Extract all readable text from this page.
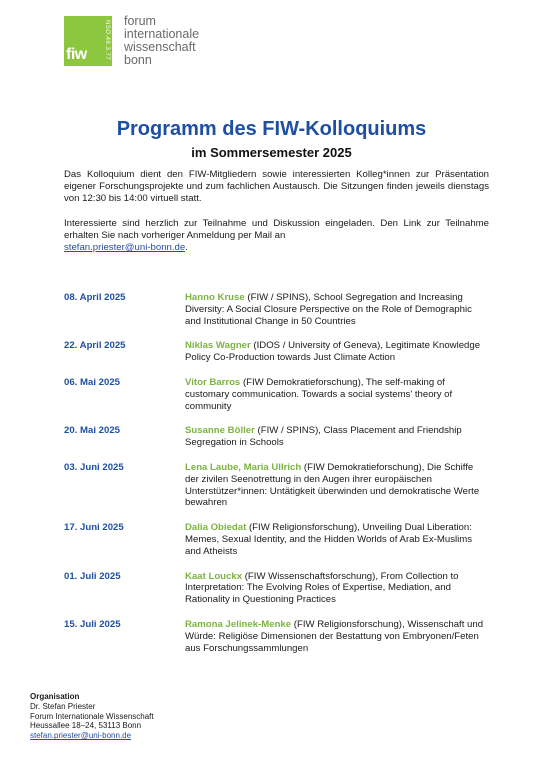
fiw	NSO.48.3.77 forum
internationale
wissenschaft
bonn
Programm des FIW-Kolloquiums
im Sommersemester 2025

Das Kolloquium dient den FIW-Mitgliedern sowie interessierten Kolleg*innen zur Präsentation eigener Forschungsprojekte und zum fachlichen Austausch. Die Sitzungen finden jeweils dienstags von 12:30 bis 14:00 virtuell statt.

Interessierte sind herzlich zur Teilnahme und Diskussion eingeladen. Den Link zur Teilnahme erhalten Sie nach vorheriger Anmeldung per Mail an
stefan.priester@uni-bonn.de.

08. April 2025	Hanno Kruse (FIW / SPINS), School Segregation and Increasing Diversity: A Social Closure Perspective on the Role of Demographic and Institutional Change in 50 Countries
22. April 2025	Niklas Wagner (IDOS / University of Geneva), Legitimate Knowledge Policy Co-Production towards Just Climate Action
06. Mai 2025	Vitor Barros (FIW Demokratieforschung), The self-making of customary communication. Towards a social systems' theory of community
20. Mai 2025	Susanne Böller (FIW / SPINS), Class Placement and Friendship Segregation in Schools
03. Juni 2025	Lena Laube, Maria Ullrich (FIW Demokratieforschung), Die Schiffe der zivilen Seenotrettung in den Augen ihrer europäischen Unterstützer*innen: Untätigkeit überwinden und demokratische Werte bewahren
17. Juni 2025	Dalia Obiedat (FIW Religionsforschung), Unveiling Dual Liberation: Memes, Sexual Identity, and the Hidden Worlds of Arab Ex-Muslims and Atheists
01. Juli 2025	Kaat Louckx (FIW Wissenschaftsforschung), From Collection to Interpretation: The Evolving Roles of Expertise, Mediation, and Rationality in Questioning Practices
15. Juli 2025	Ramona Jelinek-Menke (FIW Religionsforschung), Wissenschaft und Würde: Religiöse Dimensionen der Bestattung von Embryonen/Feten aus Forschungssammlungen
Organisation
Dr. Stefan Priester
Forum Internationale Wissenschaft
Heussallee 18–24, 53113 Bonn
stefan.priester@uni-bonn.de
